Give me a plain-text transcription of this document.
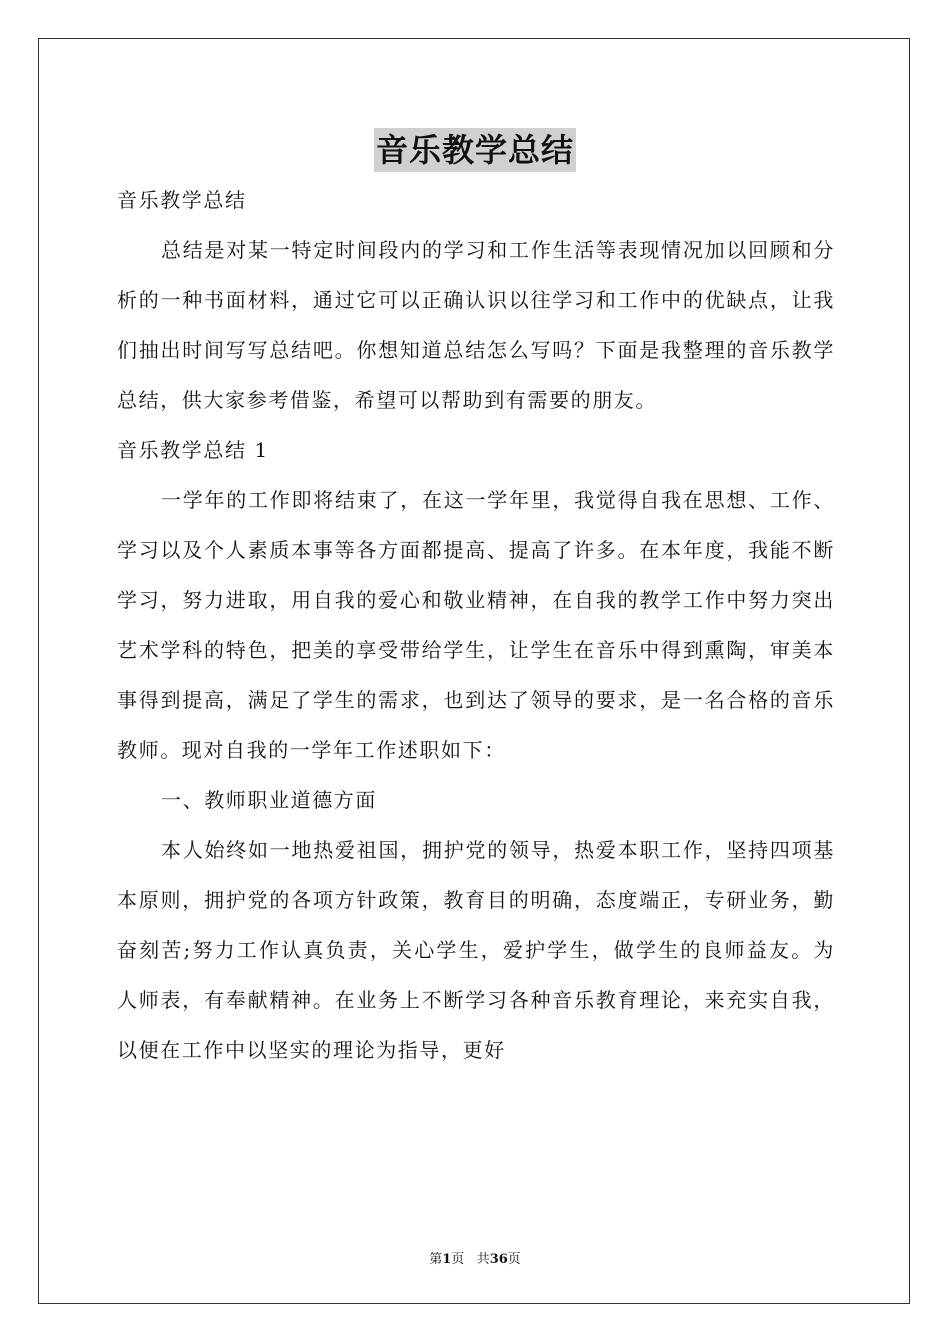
音乐教学总结

音乐教学总结

总结是对某一特定时间段内的学习和工作生活等表现情况加以回顾和分析的一种书面材料，通过它可以正确认识以往学习和工作中的优缺点，让我们抽出时间写写总结吧。你想知道总结怎么写吗？下面是我整理的音乐教学总结，供大家参考借鉴，希望可以帮助到有需要的朋友。

音乐教学总结 1

一学年的工作即将结束了，在这一学年里，我觉得自我在思想、工作、学习以及个人素质本事等各方面都提高、提高了许多。在本年度，我能不断学习，努力进取，用自我的爱心和敬业精神，在自我的教学工作中努力突出艺术学科的特色，把美的享受带给学生，让学生在音乐中得到熏陶，审美本事得到提高，满足了学生的需求，也到达了领导的要求，是一名合格的音乐教师。现对自我的一学年工作述职如下：

一、教师职业道德方面

本人始终如一地热爱祖国，拥护党的领导，热爱本职工作，坚持四项基本原则，拥护党的各项方针政策，教育目的明确，态度端正，专研业务，勤奋刻苦;努力工作认真负责，关心学生，爱护学生，做学生的良师益友。为人师表，有奉献精神。在业务上不断学习各种音乐教育理论，来充实自我，以便在工作中以坚实的理论为指导，更好

第1页 共36页
